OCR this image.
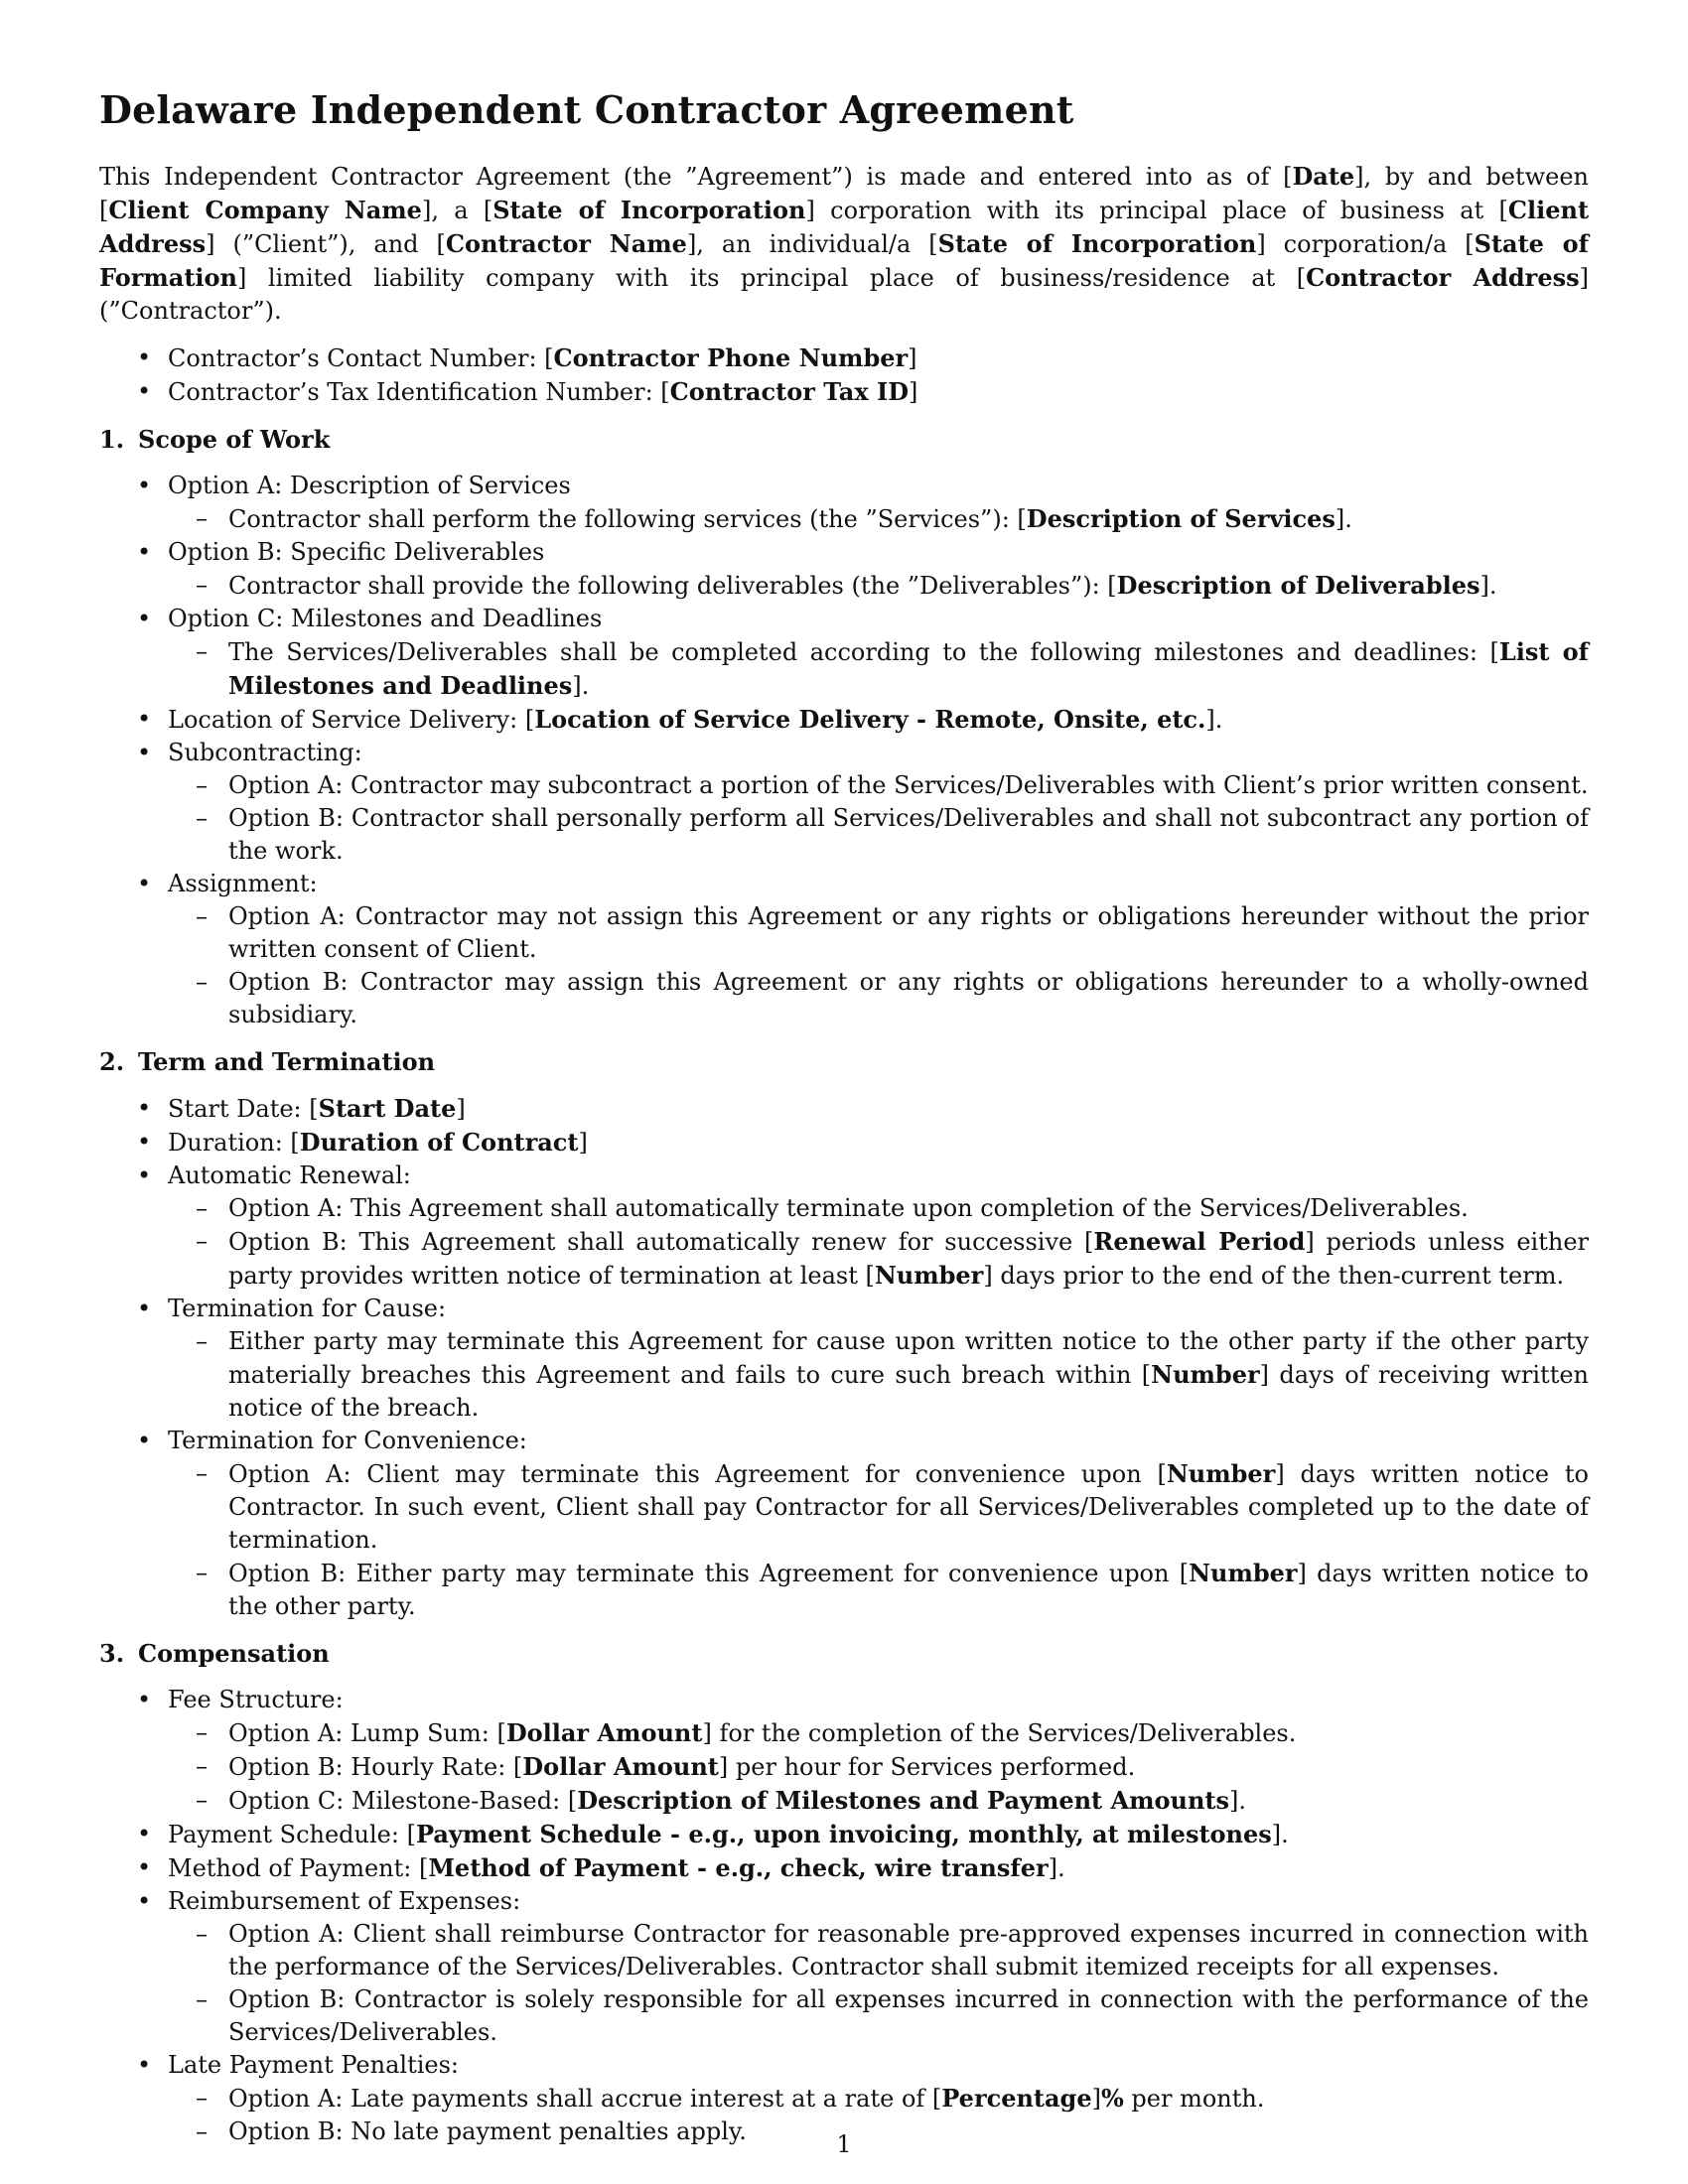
Delaware Independent Contractor Agreement

This Independent Contractor Agreement (the ”Agreement”) is made and entered into as of [Date], by and between [Client Company Name], a [State of Incorporation] corporation with its principal place of business at [Client Address] (”Client”), and [Contractor Name], an individual/a [State of Incorporation] corporation/a [State of Formation] limited liability company with its principal place of business/residence at [Contractor Address] (”Contractor”).

• Contractor’s Contact Number: [Contractor Phone Number]
• Contractor’s Tax Identification Number: [Contractor Tax ID]
1. Scope of Work
• Option A: Description of Services
– Contractor shall perform the following services (the ”Services”): [Description of Services].
• Option B: Specific Deliverables
– Contractor shall provide the following deliverables (the ”Deliverables”): [Description of Deliverables].
• Option C: Milestones and Deadlines
– The Services/Deliverables shall be completed according to the following milestones and deadlines: [List of Milestones and Deadlines].
• Location of Service Delivery: [Location of Service Delivery - Remote, Onsite, etc.].
• Subcontracting:
– Option A: Contractor may subcontract a portion of the Services/Deliverables with Client’s prior written consent.
– Option B: Contractor shall personally perform all Services/Deliverables and shall not subcontract any portion of the work.
• Assignment:
– Option A: Contractor may not assign this Agreement or any rights or obligations hereunder without the prior written consent of Client.
– Option B: Contractor may assign this Agreement or any rights or obligations hereunder to a wholly-owned subsidiary.
2. Term and Termination
• Start Date: [Start Date]
• Duration: [Duration of Contract]
• Automatic Renewal:
– Option A: This Agreement shall automatically terminate upon completion of the Services/Deliverables.
– Option B: This Agreement shall automatically renew for successive [Renewal Period] periods unless either party provides written notice of termination at least [Number] days prior to the end of the then-current term.
• Termination for Cause:
– Either party may terminate this Agreement for cause upon written notice to the other party if the other party materially breaches this Agreement and fails to cure such breach within [Number] days of receiving written notice of the breach.
• Termination for Convenience:
– Option A: Client may terminate this Agreement for convenience upon [Number] days written notice to Contractor. In such event, Client shall pay Contractor for all Services/Deliverables completed up to the date of termination.
– Option B: Either party may terminate this Agreement for convenience upon [Number] days written notice to the other party.
3. Compensation
• Fee Structure:
– Option A: Lump Sum: [Dollar Amount] for the completion of the Services/Deliverables.
– Option B: Hourly Rate: [Dollar Amount] per hour for Services performed.
– Option C: Milestone-Based: [Description of Milestones and Payment Amounts].
• Payment Schedule: [Payment Schedule - e.g., upon invoicing, monthly, at milestones].
• Method of Payment: [Method of Payment - e.g., check, wire transfer].
• Reimbursement of Expenses:
– Option A: Client shall reimburse Contractor for reasonable pre-approved expenses incurred in connection with the performance of the Services/Deliverables. Contractor shall submit itemized receipts for all expenses.
– Option B: Contractor is solely responsible for all expenses incurred in connection with the performance of the Services/Deliverables.
• Late Payment Penalties:
– Option A: Late payments shall accrue interest at a rate of [Percentage]% per month.
– Option B: No late payment penalties apply.	1
